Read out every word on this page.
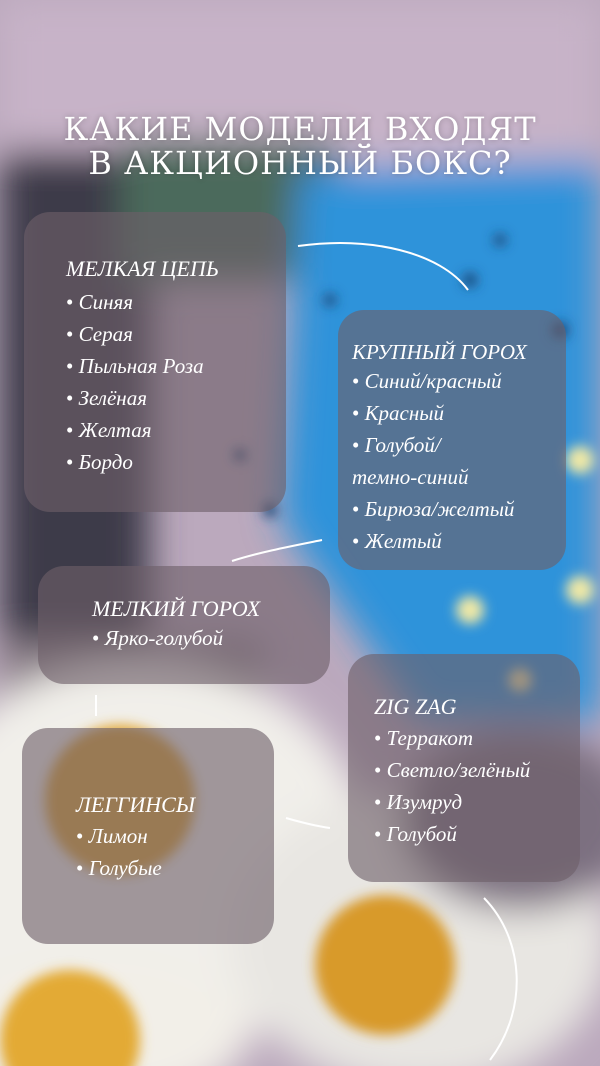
КАКИЕ МОДЕЛИ ВХОДЯТ
В АКЦИОННЫЙ БОКС?
МЕЛКАЯ ЦЕПЬ
• Синяя
• Серая
• Пыльная Роза
• Зелёная
• Желтая
• Бордо
КРУПНЫЙ ГОРОХ
• Синий/красный
• Красный
• Голубой/
темно-синий
• Бирюза/желтый
• Желтый
МЕЛКИЙ ГОРОХ
• Ярко-голубой
ZIG ZAG
• Терракот
• Светло/зелёный
• Изумруд
• Голубой
ЛЕГГИНСЫ
• Лимон
• Голубые
